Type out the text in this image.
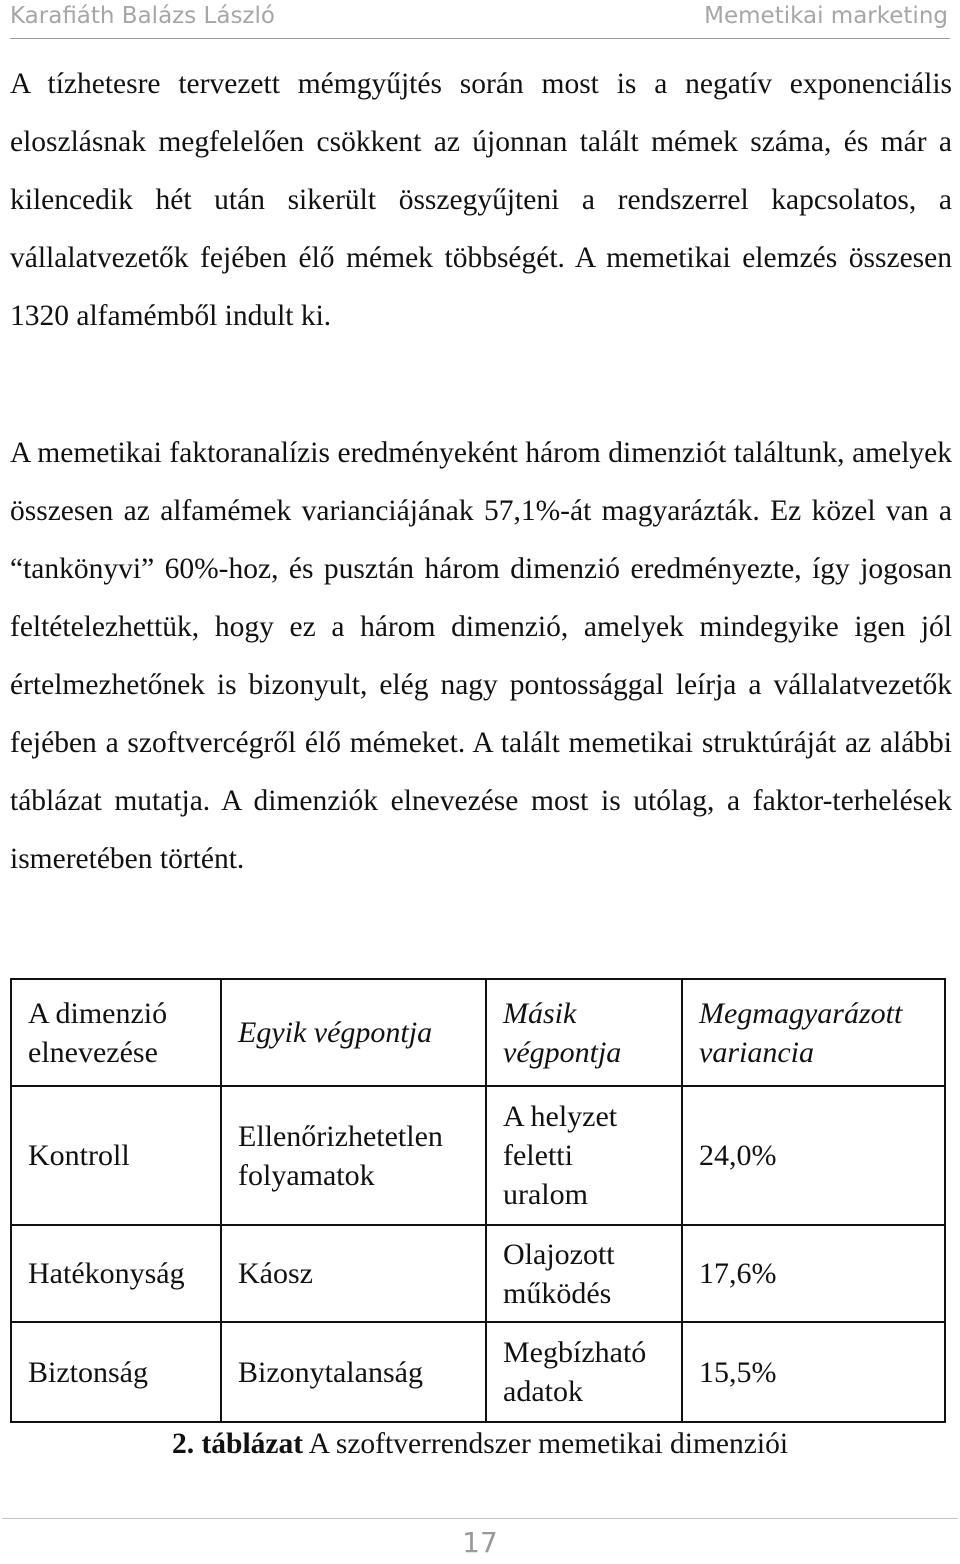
Karafiáth Balázs László	Memetikai marketing

A tízhetesre tervezett mémgyűjtés során most is a negatív exponenciális eloszlásnak megfelelően csökkent az újonnan talált mémek száma, és már a kilencedik hét után sikerült összegyűjteni a rendszerrel kapcsolatos, a vállalatvezetők fejében élő mémek többségét. A memetikai elemzés összesen 1320 alfamémből indult ki.

A memetikai faktoranalízis eredményeként három dimenziót találtunk, amelyek összesen az alfamémek varianciájának 57,1%-át magyarázták. Ez közel van a “tankönyvi” 60%-hoz, és pusztán három dimenzió eredményezte, így jogosan feltételezhettük, hogy ez a három dimenzió, amelyek mindegyike igen jól értelmezhetőnek is bizonyult, elég nagy pontossággal leírja a vállalatvezetők fejében a szoftvercégről élő mémeket. A talált memetikai struktúráját az alábbi táblázat mutatja. A dimenziók elnevezése most is utólag, a faktor-terhelések ismeretében történt.

A dimenzió elnevezése	Egyik végpontja	Másik végpontja	Megmagyarázott variancia
Kontroll	Ellenőrizhetetlen folyamatok	A helyzet feletti uralom	24,0%
Hatékonyság	Káosz	Olajozott működés	17,6%
Biztonság	Bizonytalanság	Megbízható adatok	15,5%
2. táblázat A szoftverrendszer memetikai dimenziói
17
